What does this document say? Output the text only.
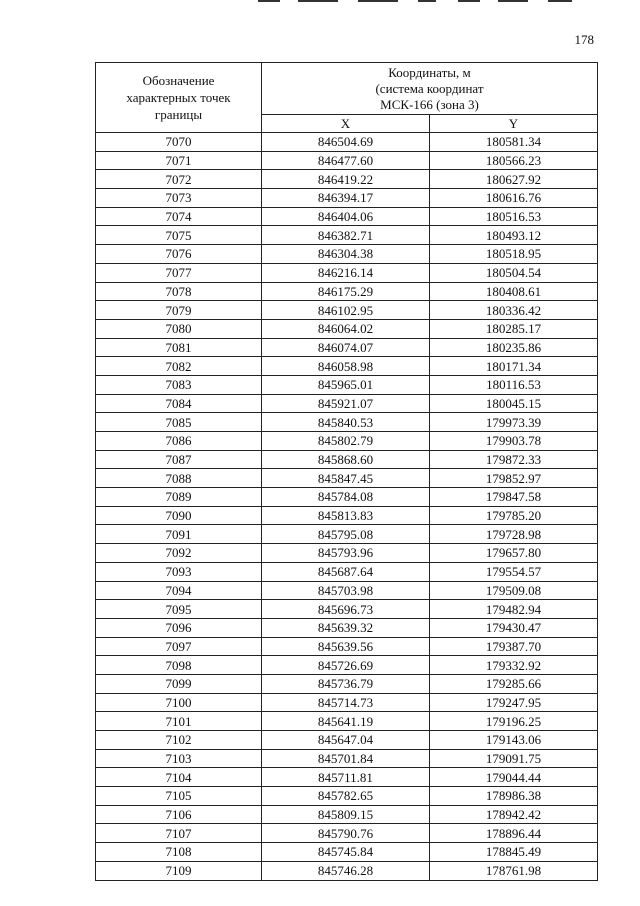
178
Обозначение характерных точек границы	Координаты, м
(система координат
МСК-166 (зона 3)	

	X	Y
7070	846504.69	180581.34
7071	846477.60	180566.23
7072	846419.22	180627.92
7073	846394.17	180616.76
7074	846404.06	180516.53
7075	846382.71	180493.12
7076	846304.38	180518.95
7077	846216.14	180504.54
7078	846175.29	180408.61
7079	846102.95	180336.42
7080	846064.02	180285.17
7081	846074.07	180235.86
7082	846058.98	180171.34
7083	845965.01	180116.53
7084	845921.07	180045.15
7085	845840.53	179973.39
7086	845802.79	179903.78
7087	845868.60	179872.33
7088	845847.45	179852.97
7089	845784.08	179847.58
7090	845813.83	179785.20
7091	845795.08	179728.98
7092	845793.96	179657.80
7093	845687.64	179554.57
7094	845703.98	179509.08
7095	845696.73	179482.94
7096	845639.32	179430.47
7097	845639.56	179387.70
7098	845726.69	179332.92
7099	845736.79	179285.66
7100	845714.73	179247.95
7101	845641.19	179196.25
7102	845647.04	179143.06
7103	845701.84	179091.75
7104	845711.81	179044.44
7105	845782.65	178986.38
7106	845809.15	178942.42
7107	845790.76	178896.44
7108	845745.84	178845.49
7109	845746.28	178761.98
